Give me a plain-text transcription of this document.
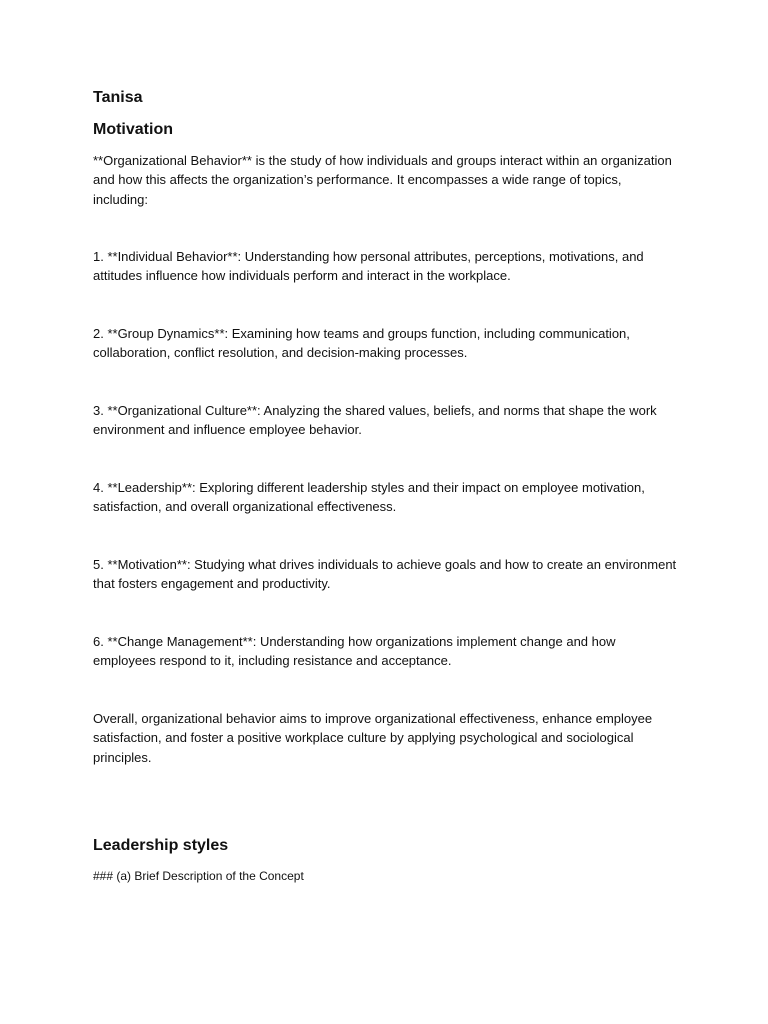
Tanisa
Motivation

**Organizational Behavior** is the study of how individuals and groups interact within an organization and how this affects the organization’s performance. It encompasses a wide range of topics, including:

1. **Individual Behavior**: Understanding how personal attributes, perceptions, motivations, and attitudes influence how individuals perform and interact in the workplace.

2. **Group Dynamics**: Examining how teams and groups function, including communication, collaboration, conflict resolution, and decision-making processes.

3. **Organizational Culture**: Analyzing the shared values, beliefs, and norms that shape the work environment and influence employee behavior.

4. **Leadership**: Exploring different leadership styles and their impact on employee motivation, satisfaction, and overall organizational effectiveness.

5. **Motivation**: Studying what drives individuals to achieve goals and how to create an environment that fosters engagement and productivity.

6. **Change Management**: Understanding how organizations implement change and how employees respond to it, including resistance and acceptance.

Overall, organizational behavior aims to improve organizational effectiveness, enhance employee satisfaction, and foster a positive workplace culture by applying psychological and sociological principles.

Leadership styles
### (a) Brief Description of the Concept
